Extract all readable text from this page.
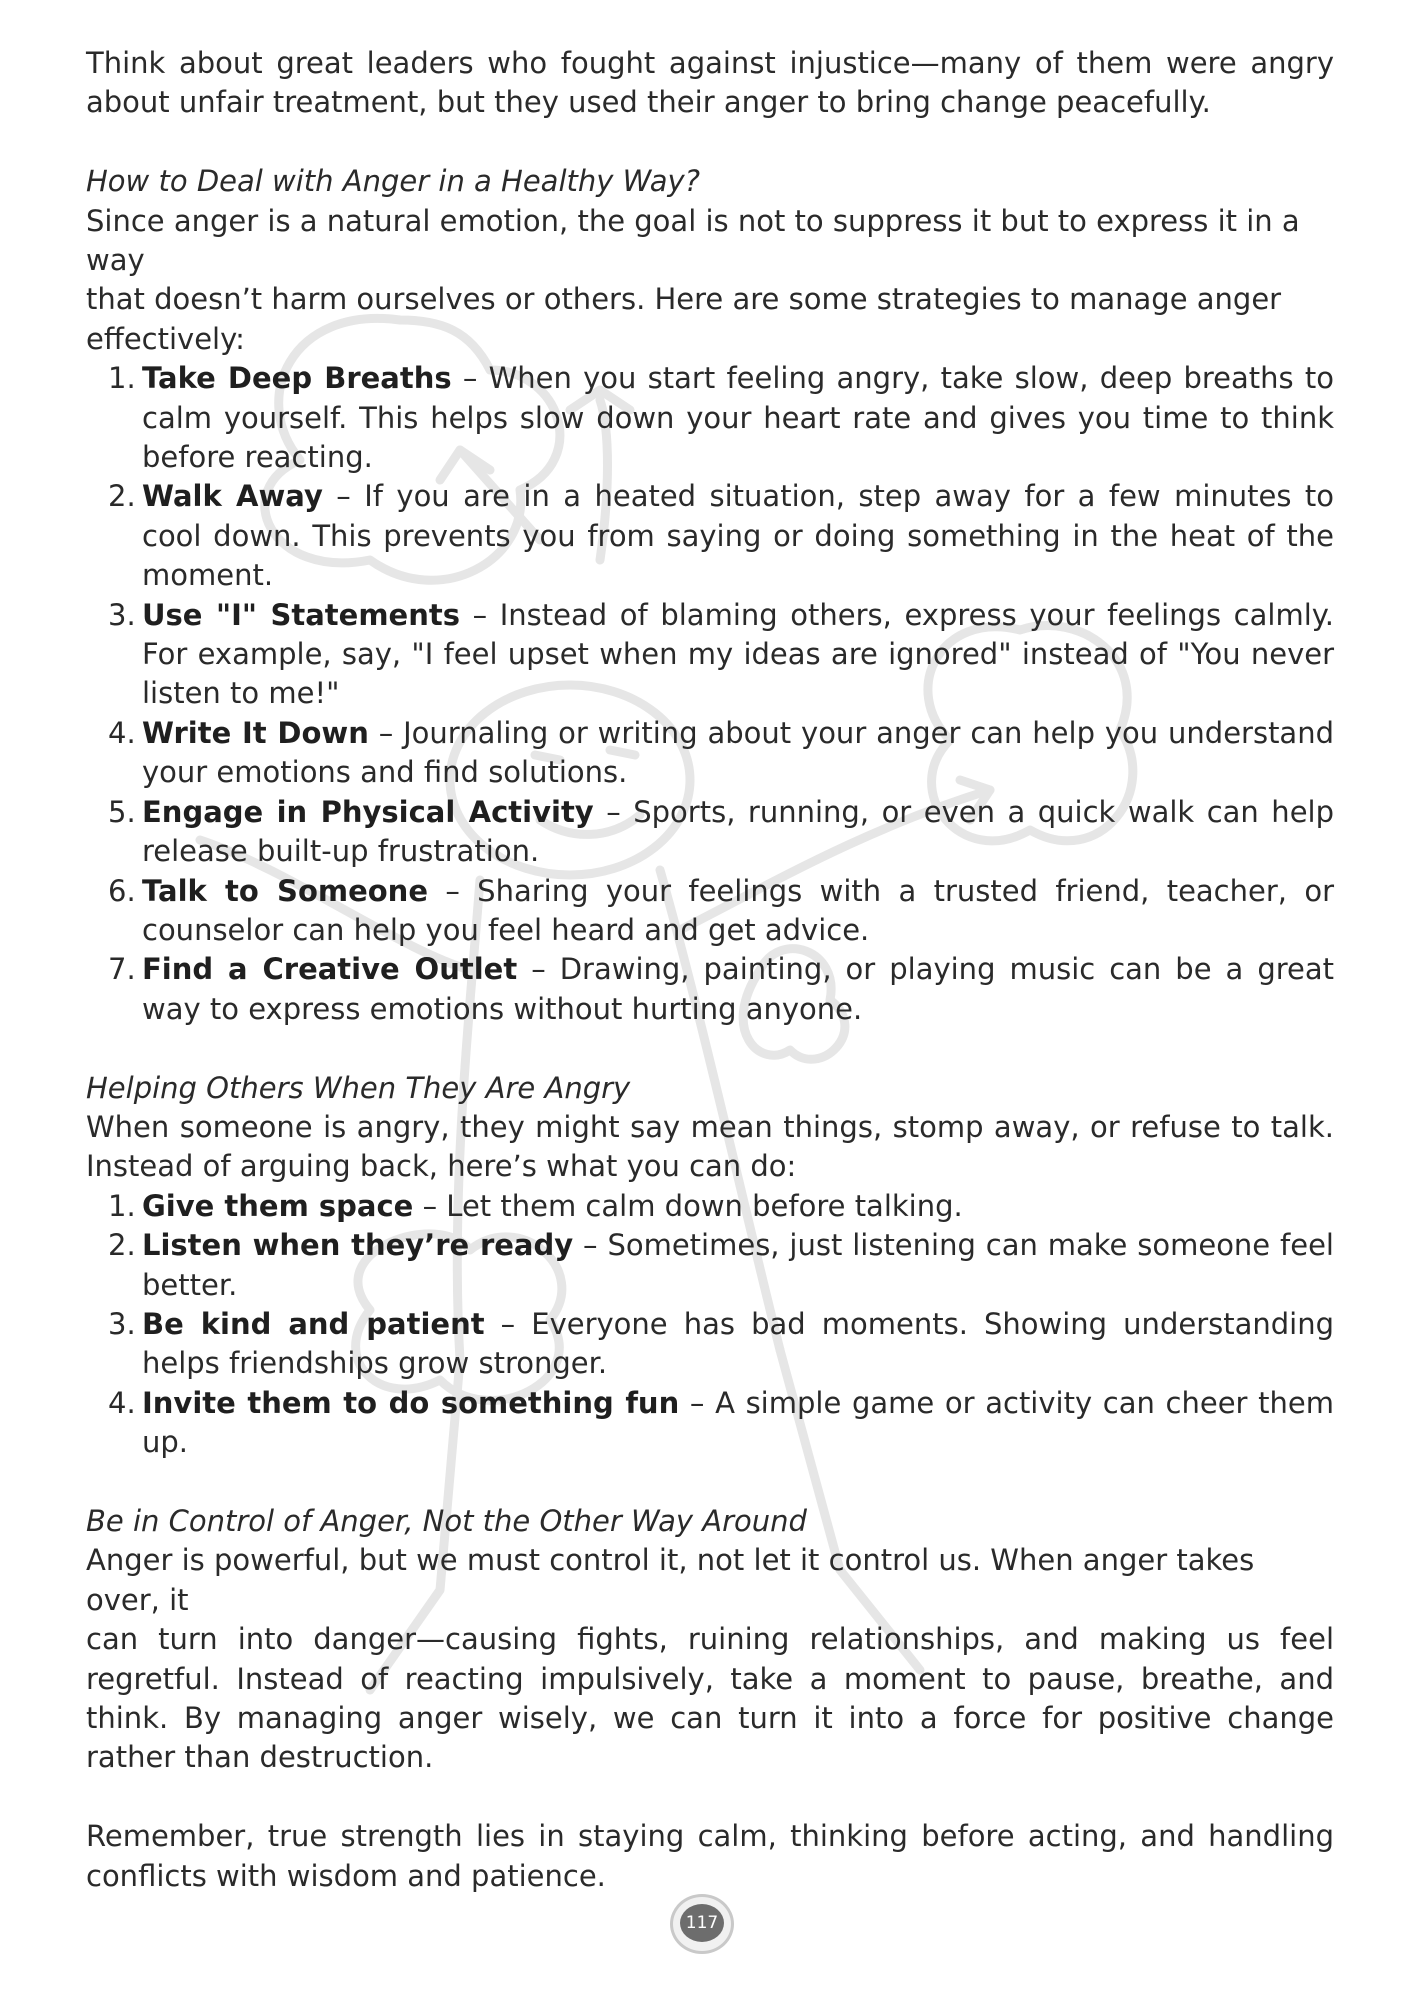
Think about great leaders who fought against injustice—many of them were angry about unfair treatment, but they used their anger to bring change peacefully.

How to Deal with Anger in a Healthy Way?

Since anger is a natural emotion, the goal is not to suppress it but to express it in a way

that doesn’t harm ourselves or others. Here are some strategies to manage anger effectively:

1. Take Deep Breaths – When you start feeling angry, take slow, deep breaths to calm yourself. This helps slow down your heart rate and gives you time to think before reacting.
2. Walk Away – If you are in a heated situation, step away for a few minutes to cool down. This prevents you from saying or doing something in the heat of the moment.
3. Use "I" Statements – Instead of blaming others, express your feelings calmly. For example, say, "I feel upset when my ideas are ignored" instead of "You never listen to me!"
4. Write It Down – Journaling or writing about your anger can help you understand your emotions and find solutions.
5. Engage in Physical Activity – Sports, running, or even a quick walk can help release built-up frustration.
6. Talk to Someone – Sharing your feelings with a trusted friend, teacher, or counselor can help you feel heard and get advice.
7. Find a Creative Outlet – Drawing, painting, or playing music can be a great way to express emotions without hurting anyone.

Helping Others When They Are Angry

When someone is angry, they might say mean things, stomp away, or refuse to talk. Instead of arguing back, here’s what you can do:

1. Give them space – Let them calm down before talking.
2. Listen when they’re ready – Sometimes, just listening can make someone feel better.
3. Be kind and patient – Everyone has bad moments. Showing understanding helps friendships grow stronger.
4. Invite them to do something fun – A simple game or activity can cheer them up.

Be in Control of Anger, Not the Other Way Around

Anger is powerful, but we must control it, not let it control us. When anger takes over, it

can turn into danger—causing fights, ruining relationships, and making us feel regretful. Instead of reacting impulsively, take a moment to pause, breathe, and think. By managing anger wisely, we can turn it into a force for positive change rather than destruction.

Remember, true strength lies in staying calm, thinking before acting, and handling conflicts with wisdom and patience.

117
